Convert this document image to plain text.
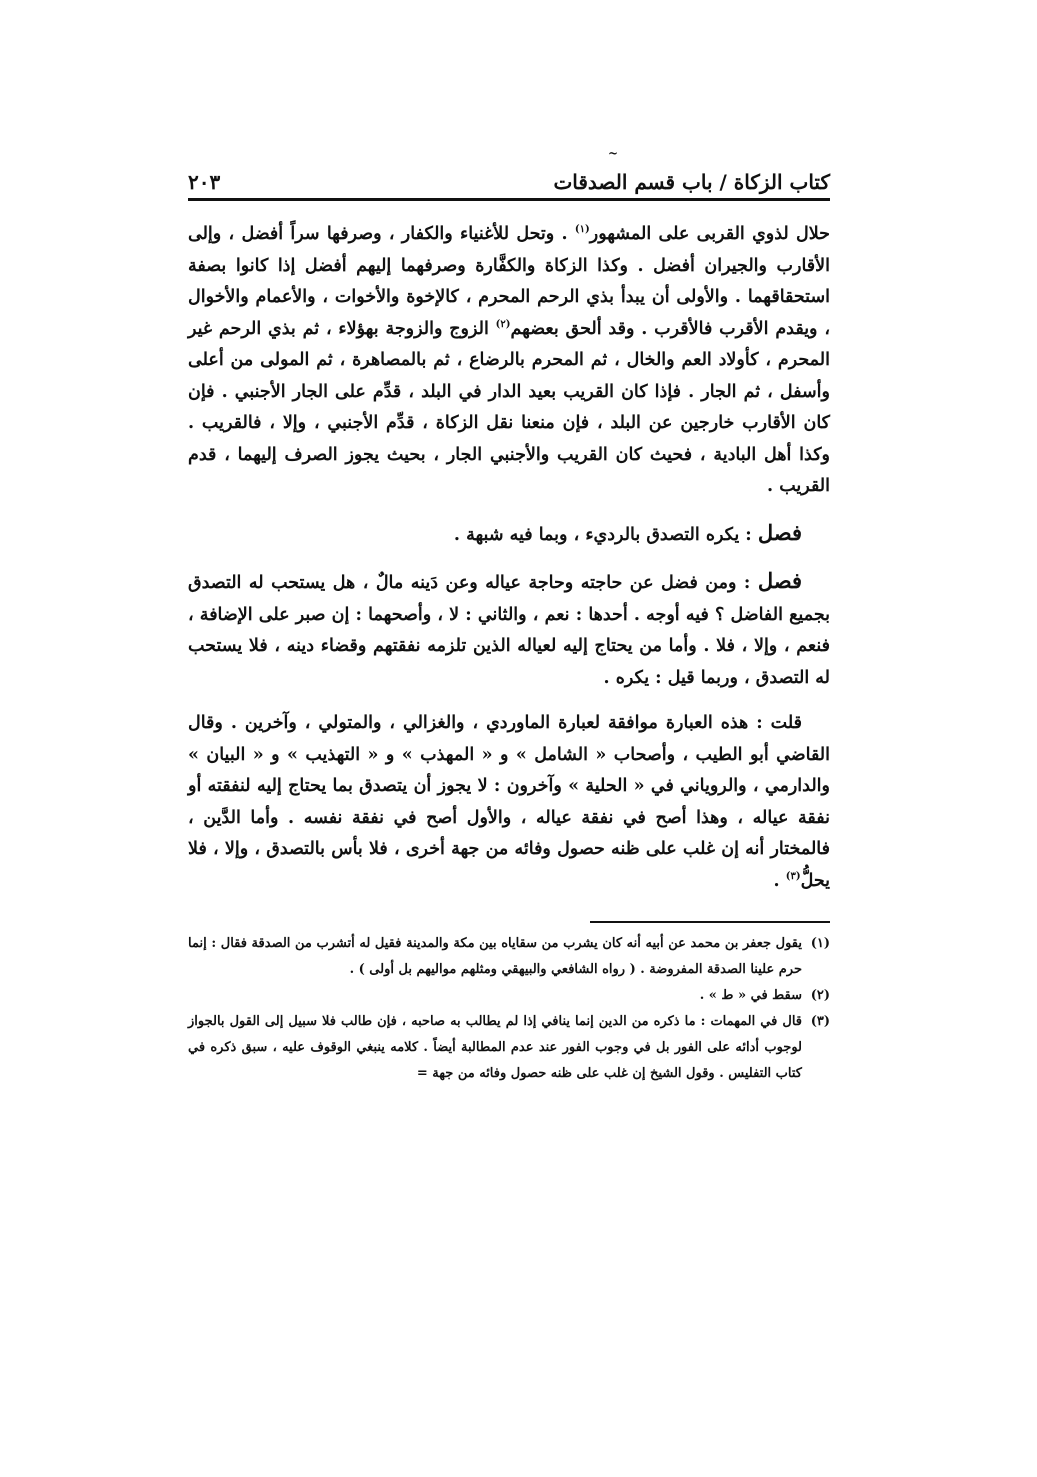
~
كتاب الزكاة / باب قسم الصدقات
٢٠٣

حلال لذوي القربى على المشهور$^{(١)}$ . وتحل للأغنياء والكفار ، وصرفها سراً أفضل ، وإلى الأقارب والجيران أفضل . وكذا الزكاة والكفَّارة وصرفهما إليهم أفضل إذا كانوا بصفة استحقاقهما . والأولى أن يبدأ بذي الرحم المحرم ، كالإخوة والأخوات ، والأعمام والأخوال ، ويقدم الأقرب فالأقرب . وقد ألحق بعضهم$^{(٢)}$ الزوج والزوجة بهؤلاء ، ثم بذي الرحم غير المحرم ، كأولاد العم والخال ، ثم المحرم بالرضاع ، ثم بالمصاهرة ، ثم المولى من أعلى وأسفل ، ثم الجار . فإذا كان القريب بعيد الدار في البلد ، قدِّم على الجار الأجنبي . فإن كان الأقارب خارجين عن البلد ، فإن منعنا نقل الزكاة ، قدِّم الأجنبي ، وإلا ، فالقريب . وكذا أهل البادية ، فحيث كان القريب والأجنبي الجار ، بحيث يجوز الصرف إليهما ، قدم القريب .

فصل : يكره التصدق بالرديء ، وبما فيه شبهة .

فصل : ومن فضل عن حاجته وحاجة عياله وعن دَينه مالٌ ، هل يستحب له التصدق بجميع الفاضل ؟ فيه أوجه . أحدها : نعم ، والثاني : لا ، وأصحهما : إن صبر على الإضافة ، فنعم ، وإلا ، فلا . وأما من يحتاج إليه لعياله الذين تلزمه نفقتهم وقضاء دينه ، فلا يستحب له التصدق ، وربما قيل : يكره .

قلت : هذه العبارة موافقة لعبارة الماوردي ، والغزالي ، والمتولي ، وآخرين . وقال القاضي أبو الطيب ، وأصحاب « الشامل » و « المهذب » و « التهذيب » و « البيان » والدارمي ، والروياني في « الحلية » وآخرون : لا يجوز أن يتصدق بما يحتاج إليه لنفقته أو نفقة عياله ، وهذا أصح في نفقة عياله ، والأول أصح في نفقة نفسه . وأما الدَّين ، فالمختار أنه إن غلب على ظنه حصول وفائه من جهة أخرى ، فلا بأس بالتصدق ، وإلا ، فلا يحلُّ$^{(٣)}$ .

(١)يقول جعفر بن محمد عن أبيه أنه كان يشرب من سقاياه بين مكة والمدينة فقيل له أتشرب من الصدقة فقال : إنما حرم علينا الصدقة المفروضة . ( رواه الشافعي والبيهقي ومثلهم مواليهم بل أولى ) .

(٢)سقط في « ط » .

(٣)قال في المهمات : ما ذكره من الدين إنما ينافي إذا لم يطالب به صاحبه ، فإن طالب فلا سبيل إلى القول بالجواز لوجوب أدائه على الفور بل في وجوب الفور عند عدم المطالبة أيضاً . كلامه ينبغي الوقوف عليه ، سبق ذكره في كتاب التفليس . وقول الشيخ إن غلب على ظنه حصول وفائه من جهة =
